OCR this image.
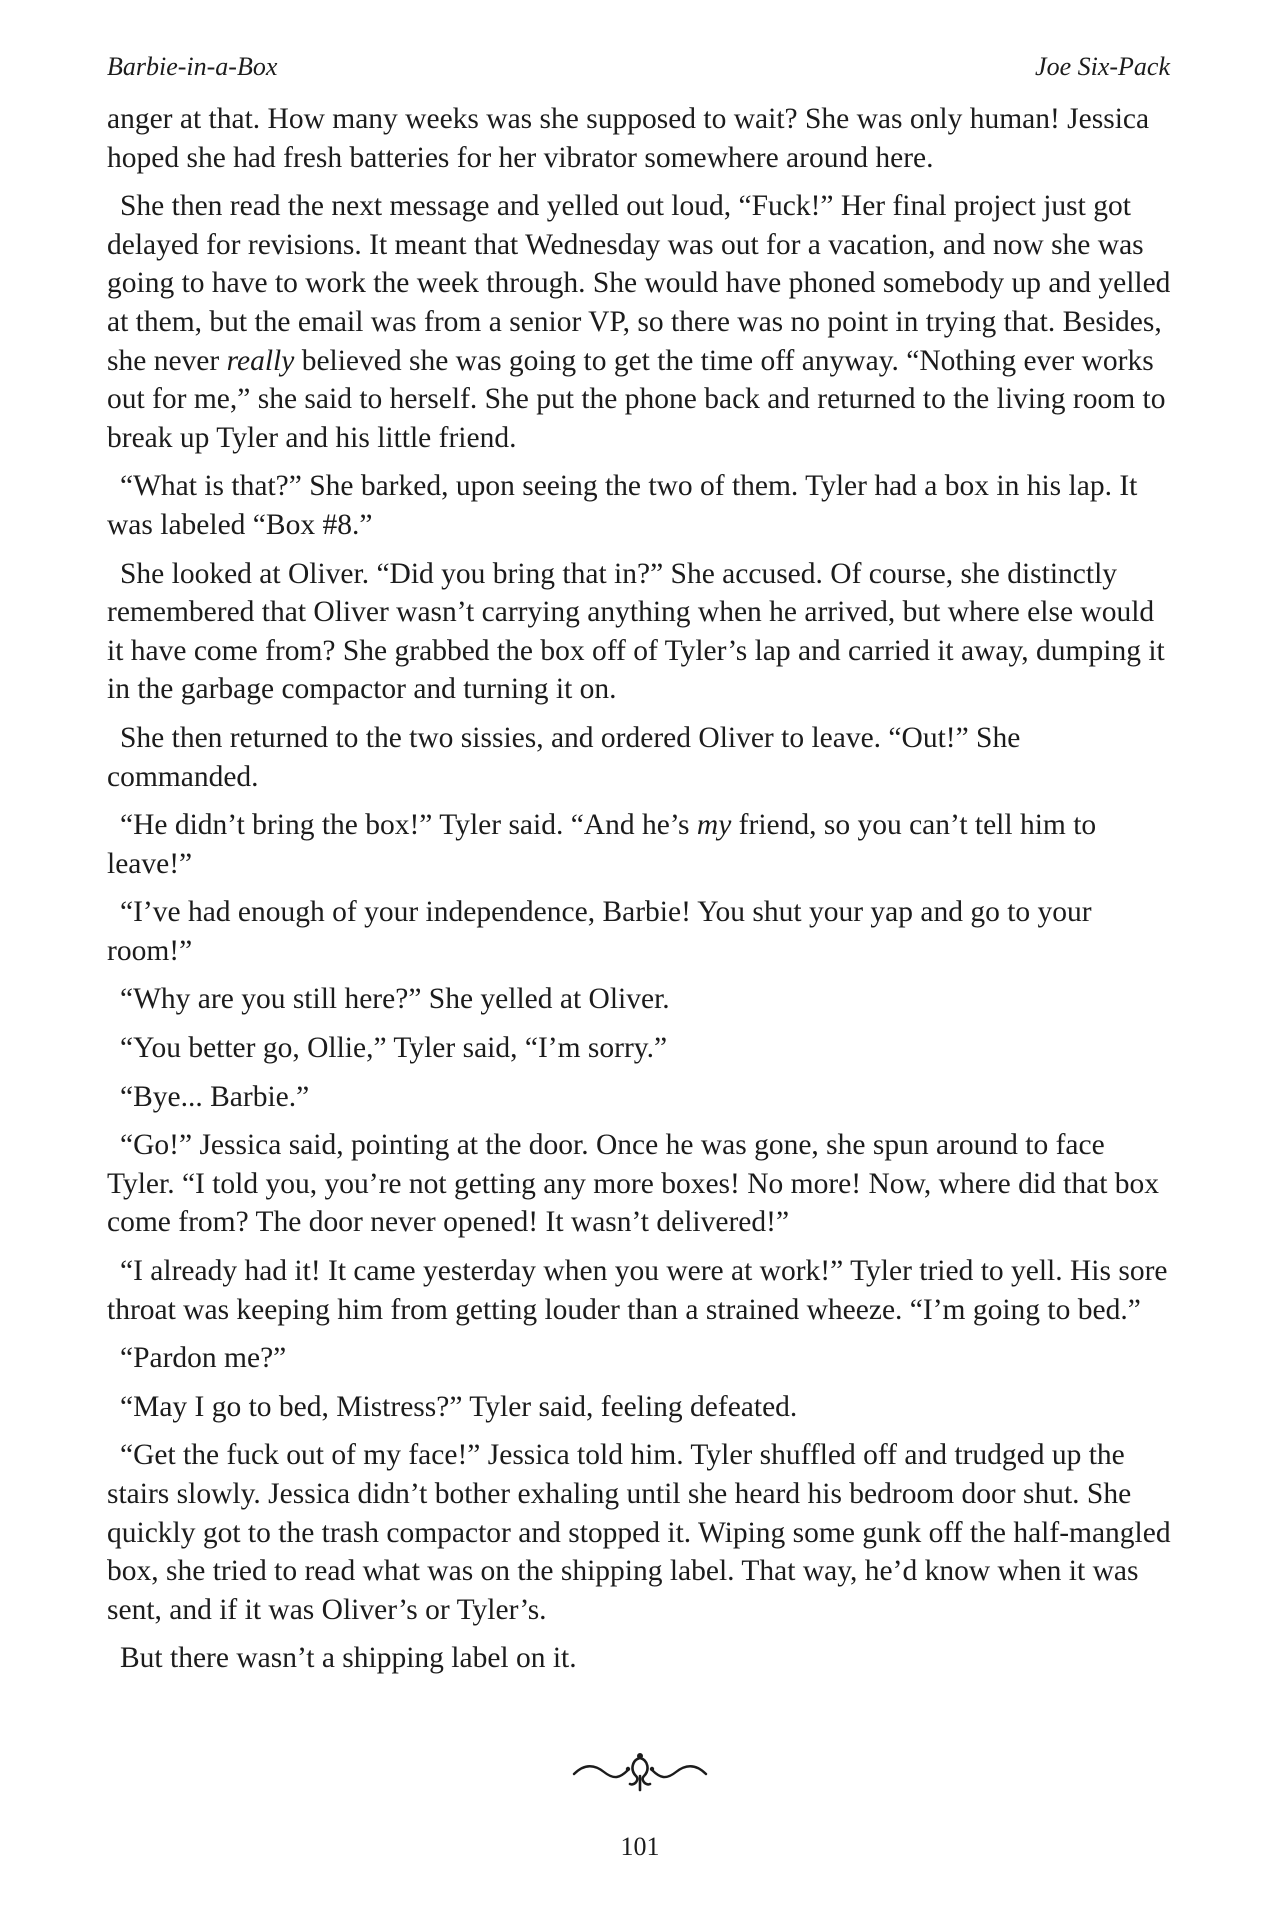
Barbie-in-a-Box	Joe Six-Pack

anger at that. How many weeks was she supposed to wait? She was only human! Jessica hoped she had fresh batteries for her vibrator somewhere around here.

She then read the next message and yelled out loud, “Fuck!” Her final project just got delayed for revisions. It meant that Wednesday was out for a vacation, and now she was going to have to work the week through. She would have phoned somebody up and yelled at them, but the email was from a senior VP, so there was no point in trying that. Besides, she never really believed she was going to get the time off anyway. “Nothing ever works out for me,” she said to herself. She put the phone back and returned to the living room to break up Tyler and his little friend.

“What is that?” She barked, upon seeing the two of them. Tyler had a box in his lap. It was labeled “Box #8.”

She looked at Oliver. “Did you bring that in?” She accused. Of course, she distinctly remembered that Oliver wasn’t carrying anything when he arrived, but where else would it have come from? She grabbed the box off of Tyler’s lap and carried it away, dumping it in the garbage compactor and turning it on.

She then returned to the two sissies, and ordered Oliver to leave. “Out!” She commanded.

“He didn’t bring the box!” Tyler said. “And he’s my friend, so you can’t tell him to leave!”

“I’ve had enough of your independence, Barbie! You shut your yap and go to your room!”

“Why are you still here?” She yelled at Oliver.

“You better go, Ollie,” Tyler said, “I’m sorry.”

“Bye... Barbie.”

“Go!” Jessica said, pointing at the door. Once he was gone, she spun around to face Tyler. “I told you, you’re not getting any more boxes! No more! Now, where did that box come from? The door never opened! It wasn’t delivered!”

“I already had it! It came yesterday when you were at work!” Tyler tried to yell. His sore throat was keeping him from getting louder than a strained wheeze. “I’m going to bed.”

“Pardon me?”

“May I go to bed, Mistress?” Tyler said, feeling defeated.

“Get the fuck out of my face!” Jessica told him. Tyler shuffled off and trudged up the stairs slowly. Jessica didn’t bother exhaling until she heard his bedroom door shut. She quickly got to the trash compactor and stopped it. Wiping some gunk off the half-mangled box, she tried to read what was on the shipping label. That way, he’d know when it was sent, and if it was Oliver’s or Tyler’s.

But there wasn’t a shipping label on it.

101
